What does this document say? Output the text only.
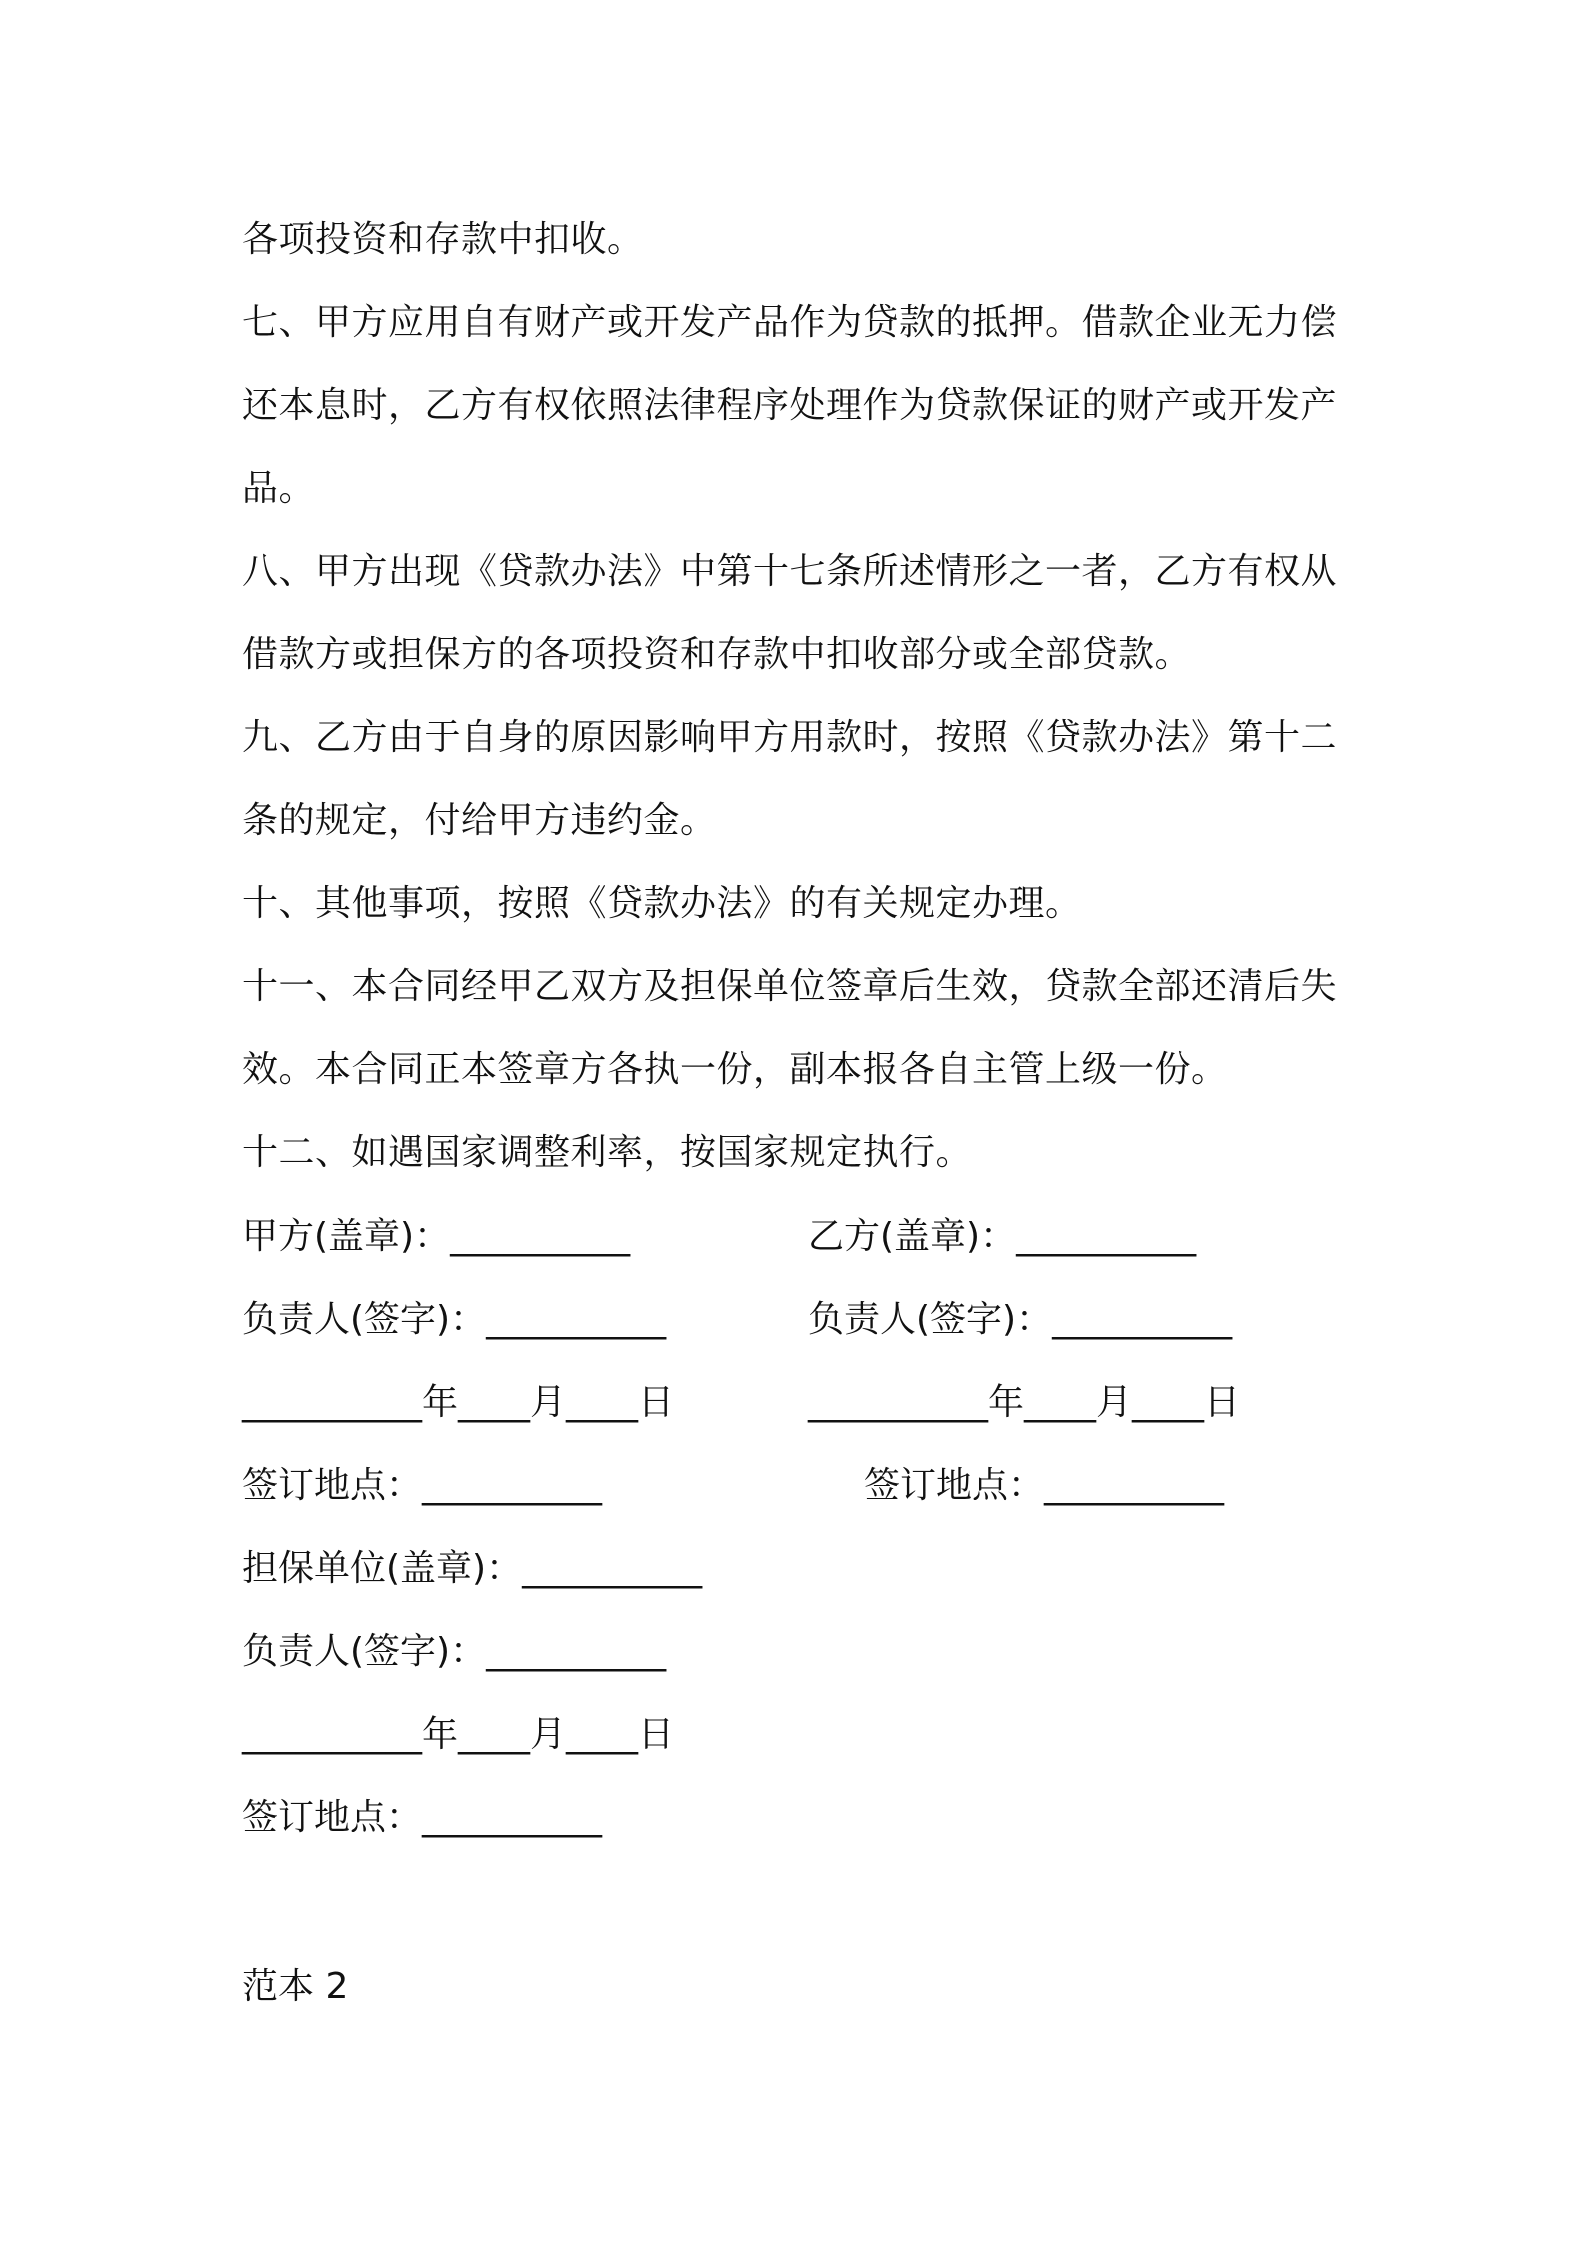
各项投资和存款中扣收。

七、甲方应用自有财产或开发产品作为贷款的抵押。借款企业无力偿还本息时，乙方有权依照法律程序处理作为贷款保证的财产或开发产品。

八、甲方出现《贷款办法》中第十七条所述情形之一者，乙方有权从借款方或担保方的各项投资和存款中扣收部分或全部贷款。

九、乙方由于自身的原因影响甲方用款时，按照《贷款办法》第十二条的规定，付给甲方违约金。

十、其他事项，按照《贷款办法》的有关规定办理。

十一、本合同经甲乙双方及担保单位签章后生效，贷款全部还清后失效。本合同正本签章方各执一份，副本报各自主管上级一份。

十二、如遇国家调整利率，按国家规定执行。

甲方(盖章)：__________
负责人(签字)：__________
__________年____月____日
签订地点：__________
乙方(盖章)：__________
负责人(签字)：__________
__________年____月____日
签订地点：__________
担保单位(盖章)：__________
负责人(签字)：__________
__________年____月____日
签订地点：__________
范本 2
